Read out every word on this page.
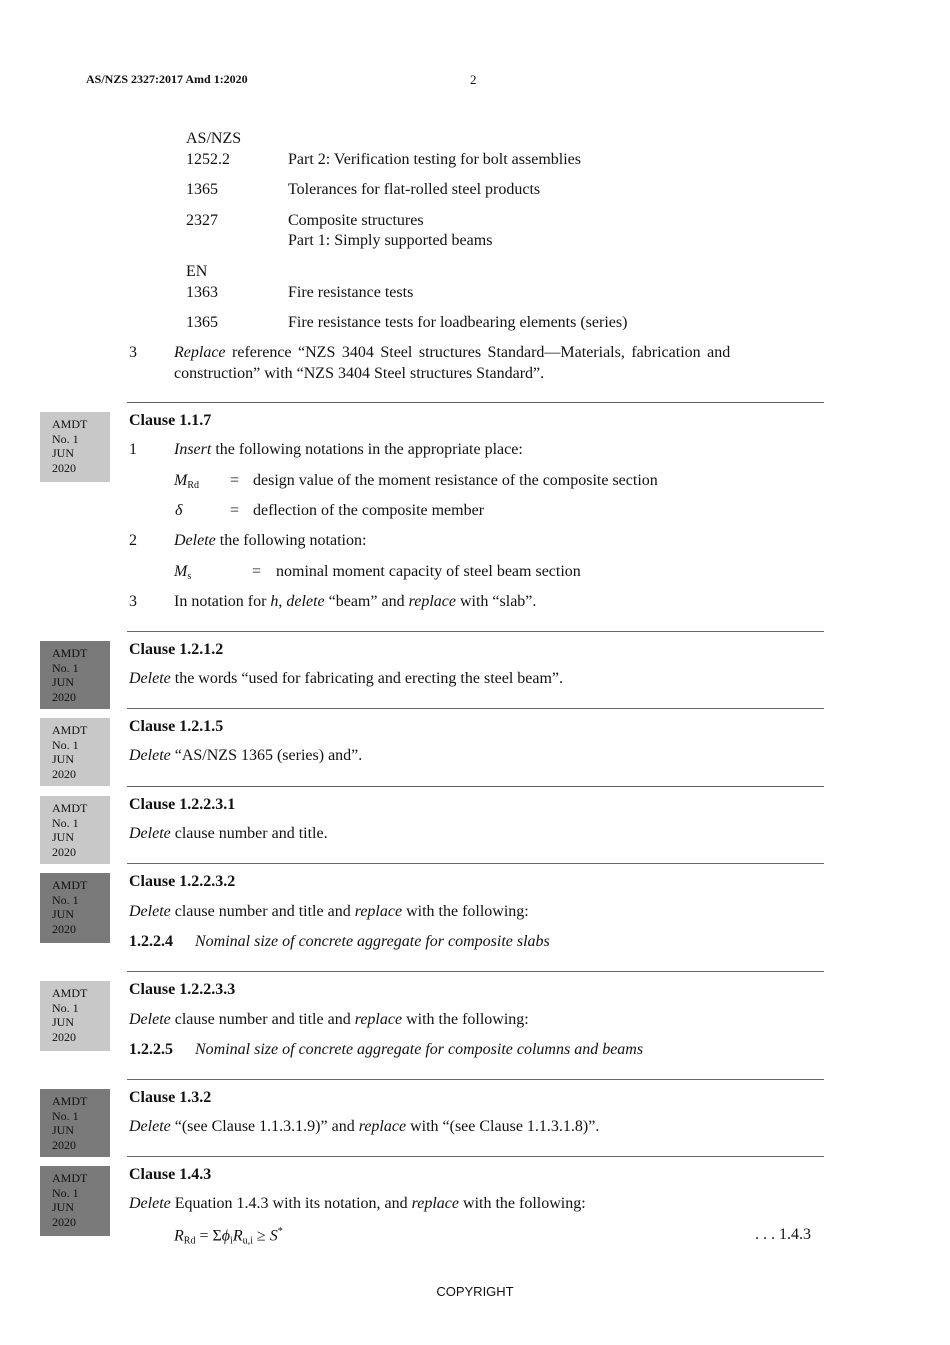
AS/NZS 2327:2017 Amd 1:2020	2
AS/NZS
1252.2	Part 2: Verification testing for bolt assemblies
1365	Tolerances for flat-rolled steel products
2327	Composite structures
Part 1: Simply supported beams
EN
1363	Fire resistance tests
1365	Fire resistance tests for loadbearing elements (series)
3 Replace reference “NZS 3404 Steel structures Standard—Materials, fabrication and
construction” with “NZS 3404 Steel structures Standard”.
AMDT
No. 1
JUN
2020
Clause 1.1.7
1 Insert the following notations in the appropriate place:
$M_{Rd}$ = design value of the moment resistance of the composite section
δ	= deflection of the composite member
2 Delete the following notation:
$M_s$	= nominal moment capacity of steel beam section
3 In notation for h, delete “beam” and replace with “slab”.
AMDT
No. 1
JUN
2020
Clause 1.2.1.2
Delete the words “used for fabricating and erecting the steel beam”.
AMDT
No. 1
JUN
2020
Clause 1.2.1.5
Delete “AS/NZS 1365 (series) and”.
AMDT
No. 1
JUN
2020
Clause 1.2.2.3.1
Delete clause number and title.
AMDT
No. 1
JUN
2020
Clause 1.2.2.3.2
Delete clause number and title and replace with the following:
1.2.2.4 Nominal size of concrete aggregate for composite slabs
AMDT
No. 1
JUN
2020
Clause 1.2.2.3.3
Delete clause number and title and replace with the following:
1.2.2.5 Nominal size of concrete aggregate for composite columns and beams
AMDT
No. 1
JUN
2020
Clause 1.3.2
Delete “(see Clause 1.1.3.1.9)” and replace with “(see Clause 1.1.3.1.8)”.
AMDT
No. 1
JUN
2020
Clause 1.4.3
Delete Equation 1.4.3 with its notation, and replace with the following:
$R_{Rd} = \Sigma\phi_iR_{u,i} \ge S^*$	. . . 1.4.3
COPYRIGHT
